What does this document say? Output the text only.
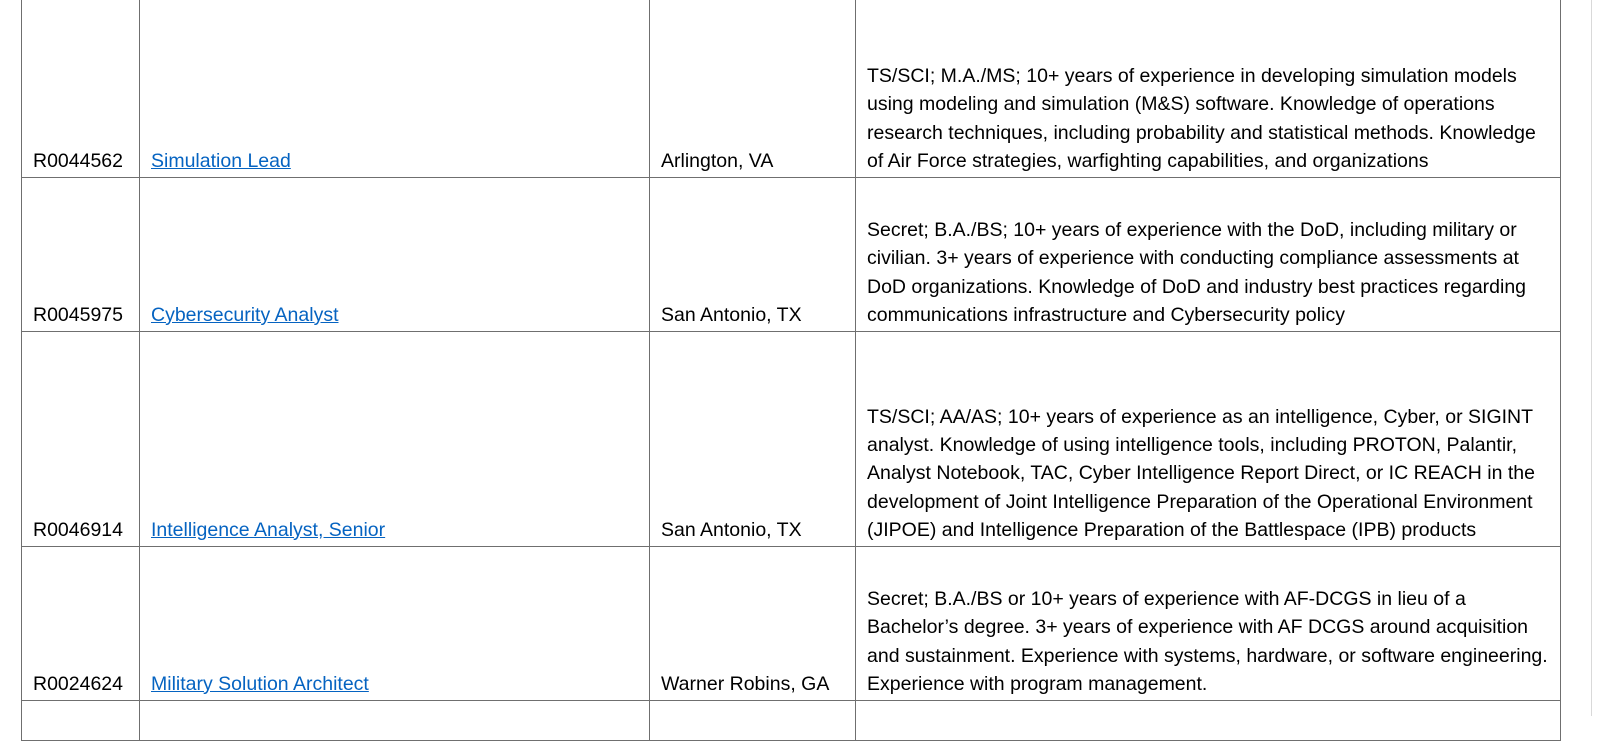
R0044562	Simulation Lead	Arlington, VA	TS/SCI; M.A./MS; 10+ years of experience in developing simulation models using modeling and simulation (M&S) software. Knowledge of operations research techniques, including probability and statistical methods. Knowledge of Air Force strategies, warfighting capabilities, and organizations
R0045975	Cybersecurity Analyst	San Antonio, TX	Secret; B.A./BS; 10+ years of experience with the DoD, including military or civilian. 3+ years of experience with conducting compliance assessments at DoD organizations. Knowledge of DoD and industry best practices regarding communications infrastructure and Cybersecurity policy
R0046914	Intelligence Analyst, Senior	San Antonio, TX	TS/SCI; AA/AS; 10+ years of experience as an intelligence, Cyber, or SIGINT analyst. Knowledge of using intelligence tools, including PROTON, Palantir, Analyst Notebook, TAC, Cyber Intelligence Report Direct, or IC REACH in the development of Joint Intelligence Preparation of the Operational Environment (JIPOE) and Intelligence Preparation of the Battlespace (IPB) products
R0024624	Military Solution Architect	Warner Robins, GA	Secret; B.A./BS or 10+ years of experience with AF-DCGS in lieu of a Bachelor’s degree. 3+ years of experience with AF DCGS around acquisition and sustainment. Experience with systems, hardware, or software engineering. Experience with program management.
